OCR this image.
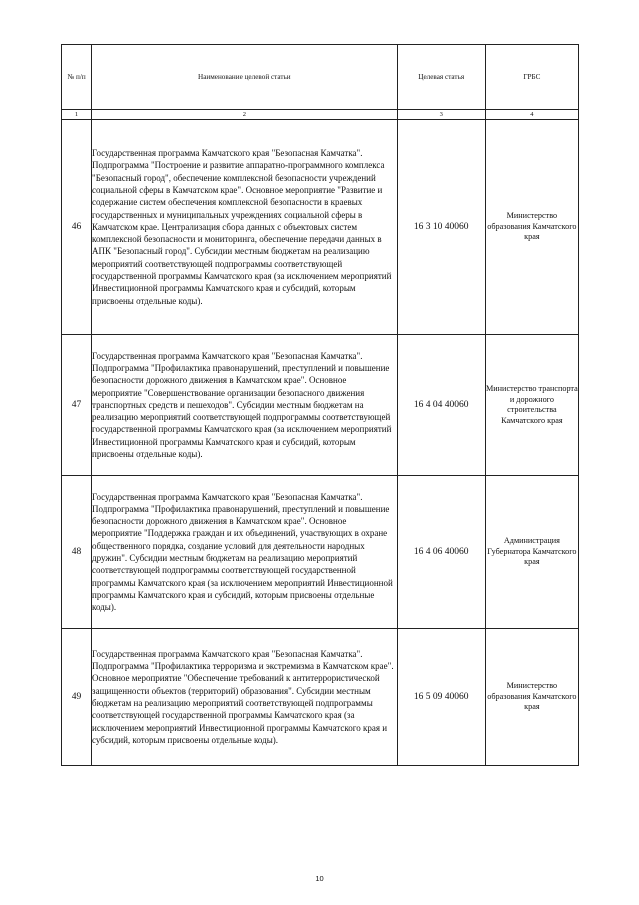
№ п/п	Наименование целевой статьи	Целевая статья	ГРБС
1	2	3	4
46	Государственная программа Камчатского края "Безопасная Камчатка". Подпрограмма "Построение и развитие аппаратно-программного комплекса "Безопасный город", обеспечение комплексной безопасности учреждений социальной сферы в Камчатском крае". Основное мероприятие "Развитие и содержание систем обеспечения комплексной безопасности в краевых государственных и муниципальных учреждениях социальной сферы в Камчатском крае. Централизация сбора данных с объектовых систем комплексной безопасности и мониторинга, обеспечение передачи данных в АПК "Безопасный город". Субсидии местным бюджетам на реализацию мероприятий соответствующей подпрограммы соответствующей государственной программы Камчатского края (за исключением мероприятий Инвестиционной программы Камчатского края и субсидий, которым присвоены отдельные коды).	16 3 10 40060	Министерство образования Камчатского края
47	Государственная программа Камчатского края "Безопасная Камчатка". Подпрограмма "Профилактика правонарушений, преступлений и повышение безопасности дорожного движения в Камчатском крае". Основное мероприятие "Совершенствование организации безопасного движения транспортных средств и пешеходов". Субсидии местным бюджетам на реализацию мероприятий соответствующей подпрограммы соответствующей государственной программы Камчатского края (за исключением мероприятий Инвестиционной программы Камчатского края и субсидий, которым присвоены отдельные коды).	16 4 04 40060	Министерство транспорта и дорожного строительства Камчатского края
48	Государственная программа Камчатского края "Безопасная Камчатка". Подпрограмма "Профилактика правонарушений, преступлений и повышение безопасности дорожного движения в Камчатском крае". Основное мероприятие "Поддержка граждан и их объединений, участвующих в охране общественного порядка, создание условий для деятельности народных дружин". Субсидии местным бюджетам на реализацию мероприятий соответствующей подпрограммы соответствующей государственной программы Камчатского края (за исключением мероприятий Инвестиционной программы Камчатского края и субсидий, которым присвоены отдельные коды).	16 4 06 40060	Администрация Губернатора Камчатского края
49	Государственная программа Камчатского края "Безопасная Камчатка". Подпрограмма "Профилактика терроризма и экстремизма в Камчатском крае". Основное мероприятие "Обеспечение требований к антитеррористической защищенности объектов (территорий) образования". Субсидии местным бюджетам на реализацию мероприятий соответствующей подпрограммы соответствующей государственной программы Камчатского края (за исключением мероприятий Инвестиционной программы Камчатского края и субсидий, которым присвоены отдельные коды).	16 5 09 40060	Министерство образования Камчатского края
10
